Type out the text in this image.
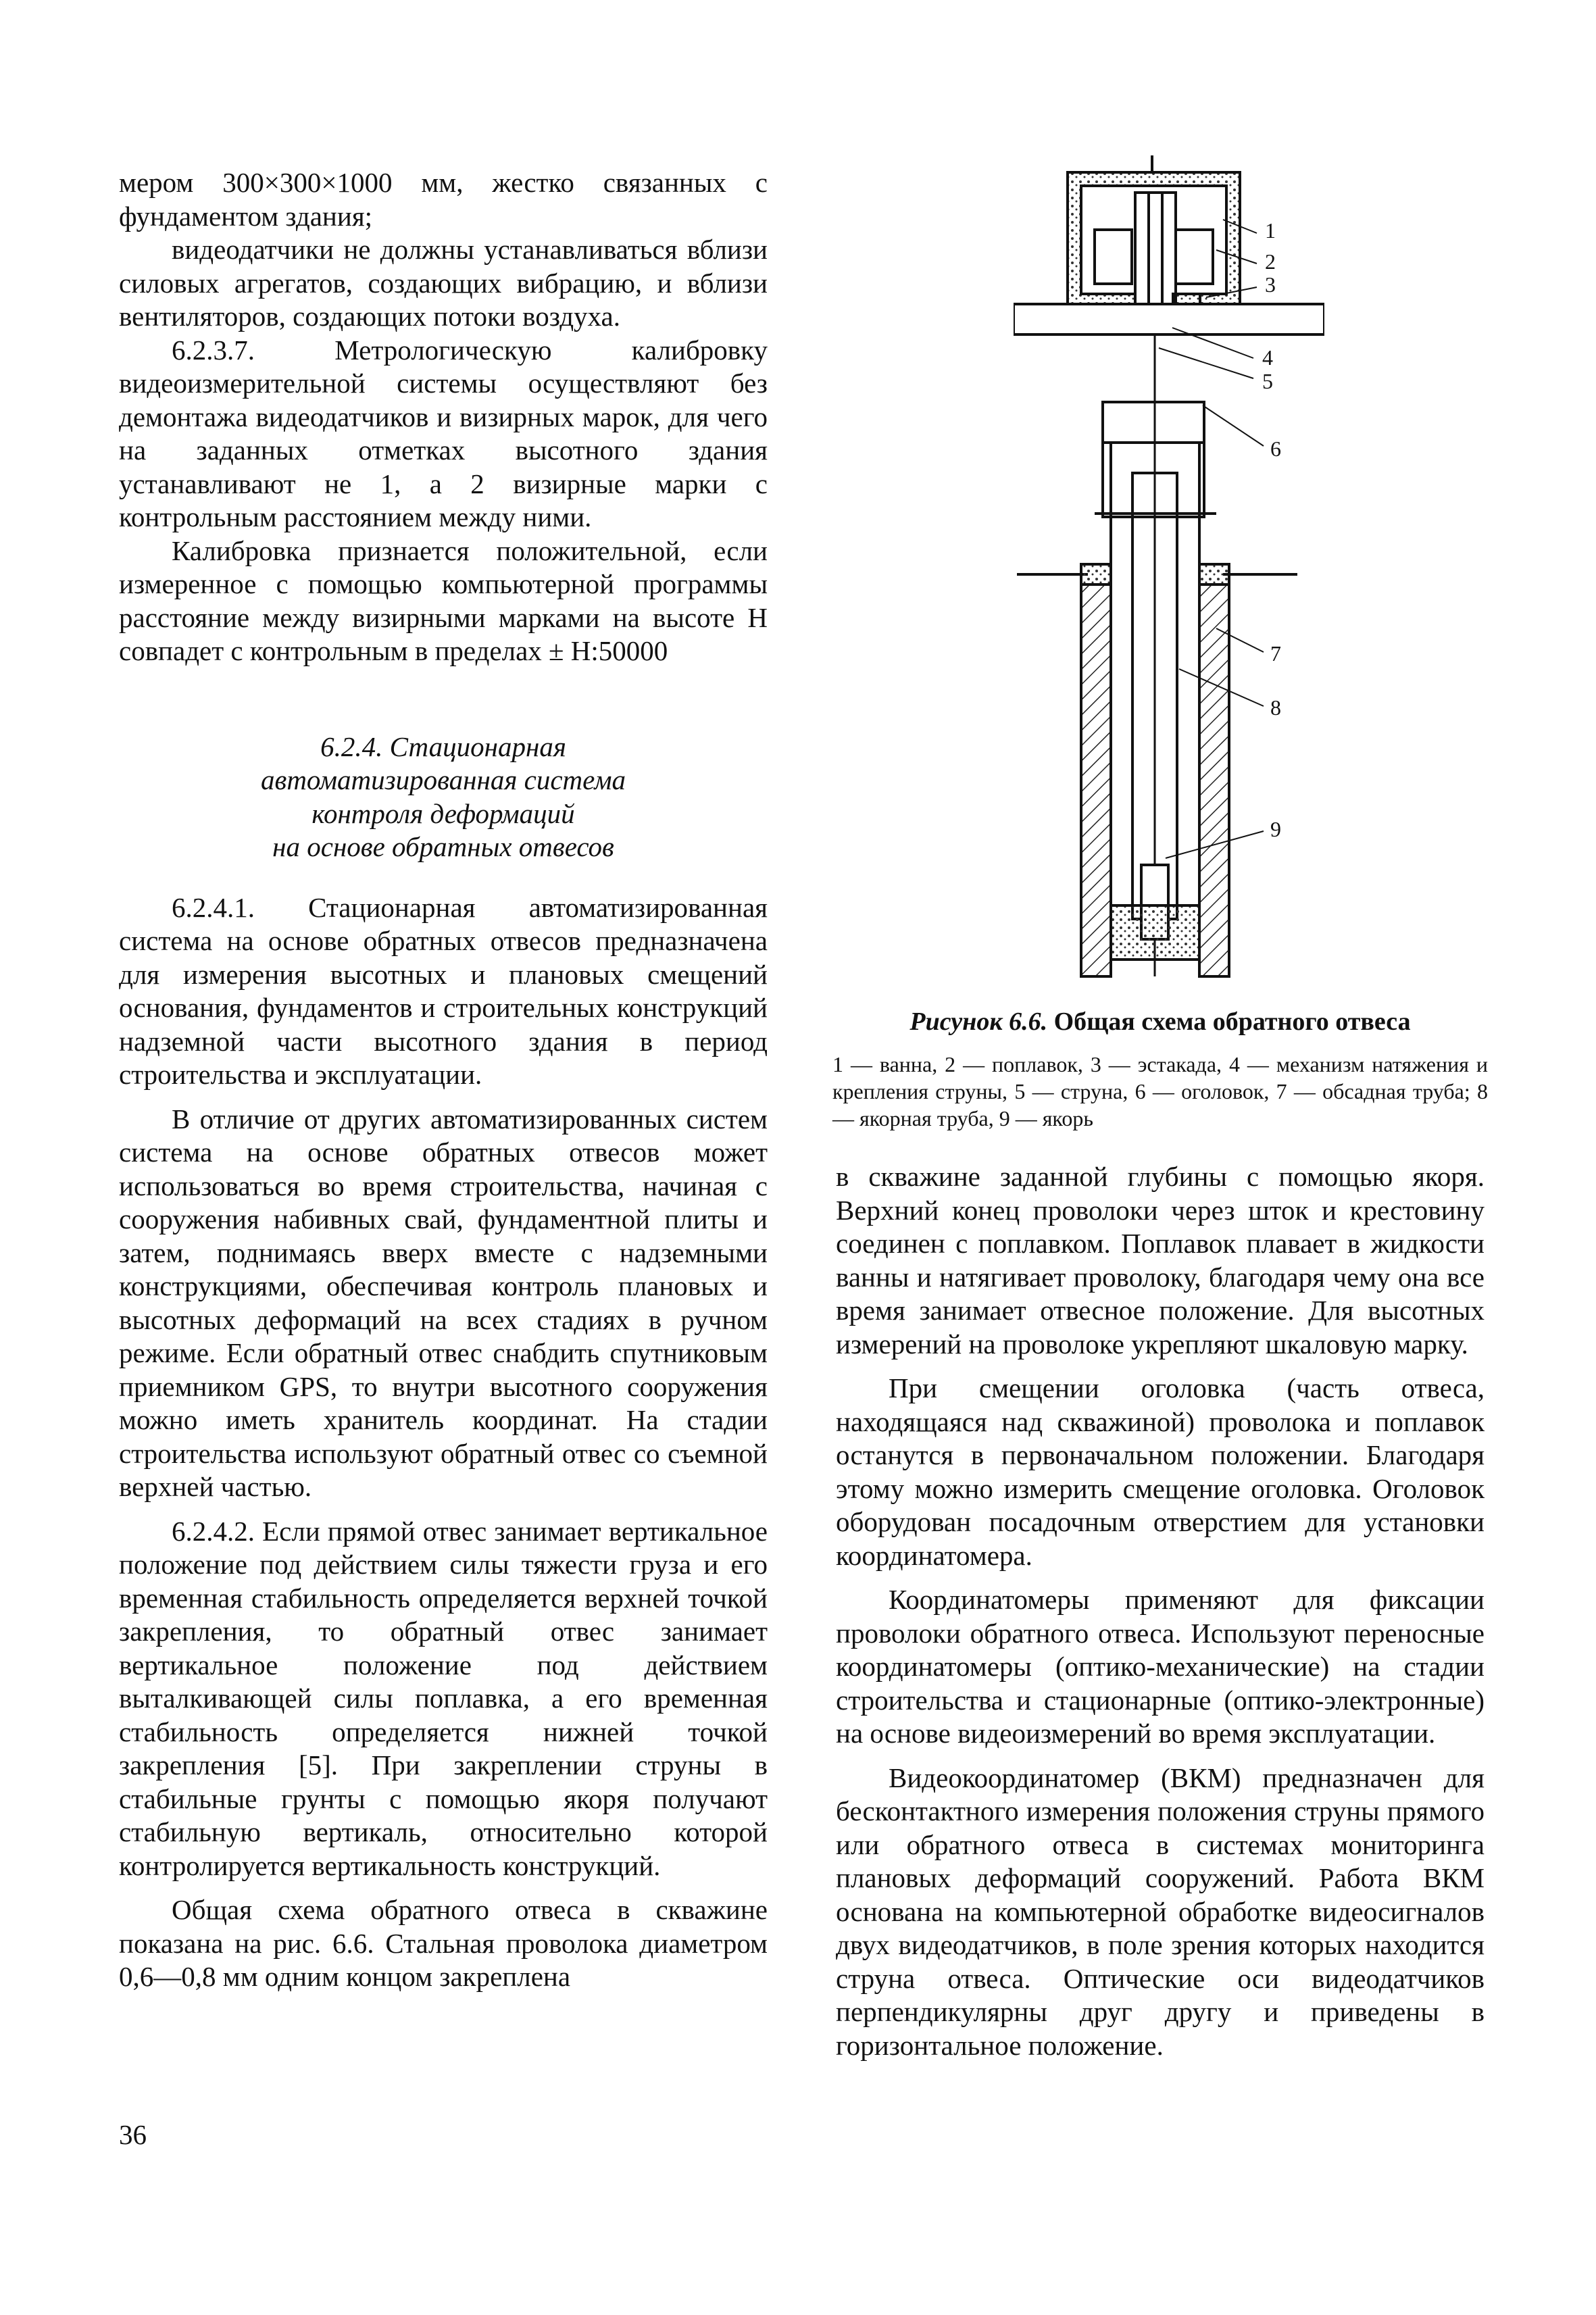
мером 300×300×1000 мм, жестко связанных с фундаментом здания;

видеодатчики не должны устанавливаться вблизи силовых агрегатов, создающих вибрацию, и вблизи вентиляторов, создающих потоки воздуха.

6.2.3.7. Метрологическую калибровку видеоизмерительной системы осуществляют без демонтажа видеодатчиков и визирных марок, для чего на заданных отметках высотного здания устанавливают не 1, а 2 визирные марки с контрольным расстоянием между ними.

Калибровка признается положительной, если измеренное с помощью компьютерной программы расстояние между визирными марками на высоте H совпадет с контрольным в пределах ± H:50000

6.2.4. Стационарная
автоматизированная система
контроля деформаций
на основе обратных отвесов

6.2.4.1. Стационарная автоматизированная система на основе обратных отвесов предназначена для измерения высотных и плановых смещений основания, фундаментов и строительных конструкций надземной части высотного здания в период строительства и эксплуатации.

В отличие от других автоматизированных систем система на основе обратных отвесов может использоваться во время строительства, начиная с сооружения набивных свай, фундаментной плиты и затем, поднимаясь вверх вместе с надземными конструкциями, обеспечивая контроль плановых и высотных деформаций на всех стадиях в ручном режиме. Если обратный отвес снабдить спутниковым приемником GPS, то внутри высотного сооружения можно иметь хранитель координат. На стадии строительства используют обратный отвес со съемной верхней частью.

6.2.4.2. Если прямой отвес занимает вертикальное положение под действием силы тяжести груза и его временная стабильность определяется верхней точкой закрепления, то обратный отвес занимает вертикальное положение под действием выталкивающей силы поплавка, а его временная стабильность определяется нижней точкой закрепления [5]. При закреплении струны в стабильные грунты с помощью якоря получают стабильную вертикаль, относительно которой контролируется вертикальность конструкций.

Общая схема обратного отвеса в скважине показана на рис. 6.6. Стальная проволока диаметром 0,6—0,8 мм одним концом закреплена

1
2
3
4
5
6
7
8
9
Рисунок 6.6. Общая схема обратного отвеса
1 — ванна, 2 — поплавок, 3 — эстакада, 4 — механизм натяжения и крепления струны, 5 — струна, 6 — оголовок, 7 — обсадная труба; 8 — якорная труба, 9 — якорь

в скважине заданной глубины с помощью якоря. Верхний конец проволоки через шток и крестовину соединен с поплавком. Поплавок плавает в жидкости ванны и натягивает проволоку, благодаря чему она все время занимает отвесное положение. Для высотных измерений на проволоке укрепляют шкаловую марку.

При смещении оголовка (часть отвеса, находящаяся над скважиной) проволока и поплавок останутся в первоначальном положении. Благодаря этому можно измерить смещение оголовка. Оголовок оборудован посадочным отверстием для установки координатомера.

Координатомеры применяют для фиксации проволоки обратного отвеса. Используют переносные координатомеры (оптико-механические) на стадии строительства и стационарные (оптико-электронные) на основе видеоизмерений во время эксплуатации.

Видеокоординатомер (ВКМ) предназначен для бесконтактного измерения положения струны прямого или обратного отвеса в системах мониторинга плановых деформаций сооружений. Работа ВКМ основана на компьютерной обработке видеосигналов двух видеодатчиков, в поле зрения которых находится струна отвеса. Оптические оси видеодатчиков перпендикулярны друг другу и приведены в горизонтальное положение.

36
